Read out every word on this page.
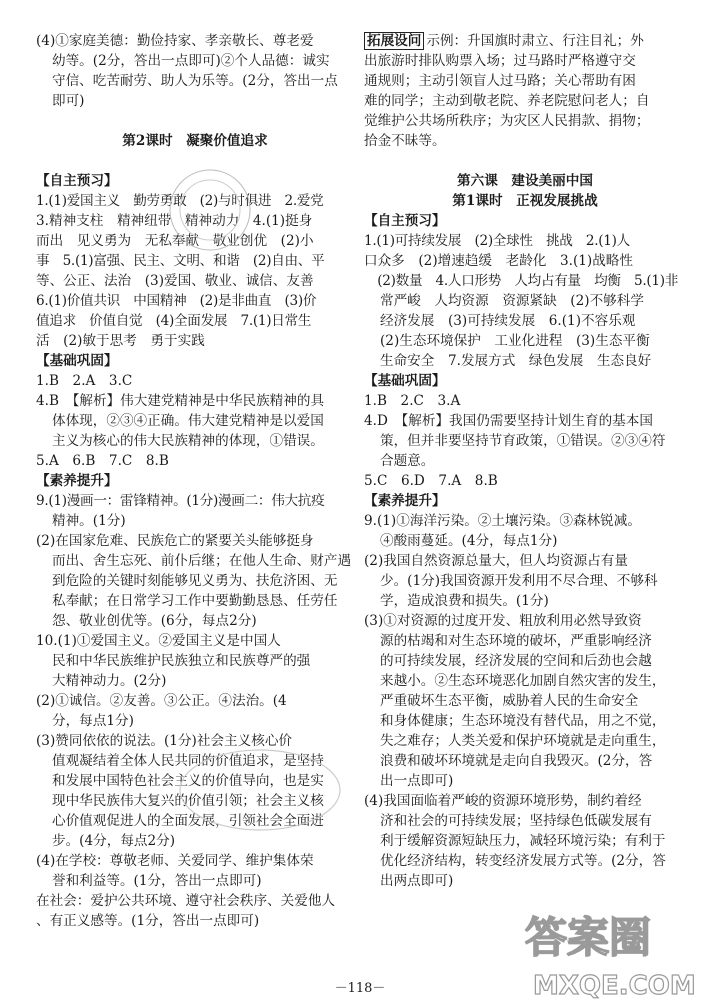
(4)①家庭美德：勤俭持家、孝亲敬长、尊老爱
幼等。(2分，答出一点即可)②个人品德：诚实
守信、吃苦耐劳、助人为乐等。(2分，答出一点
即可)
第2课时　凝聚价值追求
【自主预习】
1.(1)爱国主义　勤劳勇敢　(2)与时俱进　2.爱党
3.精神支柱　精神纽带　精神动力　4.(1)挺身
而出　见义勇为　无私奉献　敬业创优　(2)小
事　5.(1)富强、民主、文明、和谐　(2)自由、平
等、公正、法治　(3)爱国、敬业、诚信、友善
6.(1)价值共识　中国精神　(2)是非曲直　(3)价
值追求　价值自觉　(4)全面发展　7.(1)日常生
活　(2)敏于思考　勇于实践
【基础巩固】
1.B　2.A　3.C
4.B　【解析】伟大建党精神是中华民族精神的具
体体现，②③④正确。伟大建党精神是以爱国
主义为核心的伟大民族精神的体现，①错误。
5.A　6.B　7.C　8.B
【素养提升】
9.(1)漫画一：雷锋精神。(1分)漫画二：伟大抗疫
精神。(1分)
(2)在国家危难、民族危亡的紧要关头能够挺身
而出、舍生忘死、前仆后继；在他人生命、财产遇
到危险的关键时刻能够见义勇为、扶危济困、无
私奉献；在日常学习工作中要勤勤恳恳、任劳任
怨、敬业创优等。(6分，每点2分)
10.(1)①爱国主义。②爱国主义是中国人
民和中华民族维护民族独立和民族尊严的强
大精神动力。(2分)
(2)①诚信。②友善。③公正。④法治。(4
分，每点1分)
(3)赞同依依的说法。(1分)社会主义核心价
值观凝结着全体人民共同的价值追求，是坚持
和发展中国特色社会主义的价值导向，也是实
现中华民族伟大复兴的价值引领；社会主义核
心价值观促进人的全面发展，引领社会全面进
步。(4分，每点2分)
(4)在学校：尊敬老师、关爱同学、维护集体荣
誉和利益等。(1分，答出一点即可)
在社会：爱护公共环境、遵守社会秩序、关爱他人
、有正义感等。(1分，答出一点即可)
拓展设问 示例：升国旗时肃立、行注目礼；外
出旅游时排队购票入场；过马路时严格遵守交
通规则；主动引领盲人过马路；关心帮助有困
难的同学；主动到敬老院、养老院慰问老人；自
觉维护公共场所秩序；为灾区人民捐款、捐物；
拾金不昧等。
第六课　建设美丽中国
第1课时　正视发展挑战
【自主预习】
1.(1)可持续发展　(2)全球性　挑战　2.(1)人
口众多　(2)增速趋缓　老龄化　3.(1)战略性
　(2)数量　4.人口形势　人均占有量　均衡　5.(1)非
常严峻　人均资源　资源紧缺　(2)不够科学
经济发展　(3)可持续发展　6.(1)不容乐观
(2)生态环境保护　工业化进程　(3)生态平衡
生命安全　7.发展方式　绿色发展　生态良好
【基础巩固】
1.B　2.C　3.A
4.D　【解析】我国仍需要坚持计划生育的基本国
策，但并非要坚持节育政策，①错误。②③④符
合题意。
5.C　6.D　7.A　8.B
【素养提升】
9.(1)①海洋污染。②土壤污染。③森林锐减。
④酸雨蔓延。(4分，每点1分)
(2)我国自然资源总量大，但人均资源占有量
少。(1分)我国资源开发利用不尽合理、不够科
学，造成浪费和损失。(1分)
(3)①对资源的过度开发、粗放利用必然导致资
源的枯竭和对生态环境的破坏，严重影响经济
的可持续发展，经济发展的空间和后劲也会越
来越小。②生态环境恶化加剧自然灾害的发生，
严重破坏生态平衡，威胁着人民的生命安全
和身体健康；生态环境没有替代品，用之不觉，
失之难存；人类关爱和保护环境就是走向重生，
浪费和破坏环境就是走向自我毁灭。(2分，答
出一点即可)
(4)我国面临着严峻的资源环境形势，制约着经
济和社会的可持续发展；坚持绿色低碳发展有
利于缓解资源短缺压力，减轻环境污染；有利于
优化经济结构，转变经济发展方式等。(2分，答
出两点即可)
－118－
答案圈
MXQE.COM
